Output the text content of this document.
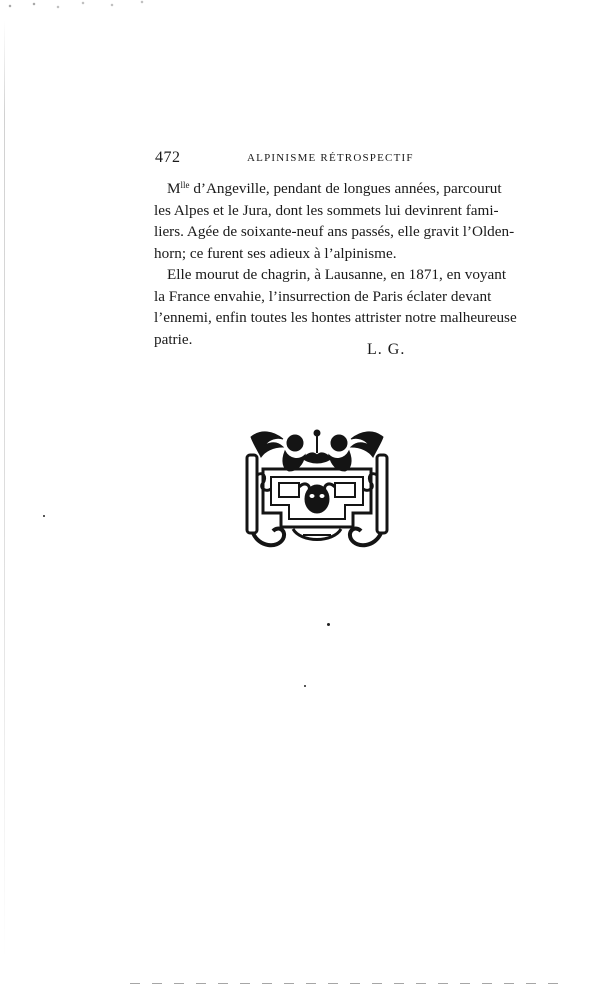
472	ALPINISME RÉTROSPECTIF
$M^{lle}$ d’Angeville, pendant de longues années, parcourut
les Alpes et le Jura, dont les sommets lui devinrent fami-
liers. Agée de soixante-neuf ans passés, elle gravit l’Olden-
horn; ce furent ses adieux à l’alpinisme.
Elle mourut de chagrin, à Lausanne, en 1871, en voyant
la France envahie, l’insurrection de Paris éclater devant
l’ennemi, enfin toutes les hontes attrister notre malheureuse
patrie.
L. G.
